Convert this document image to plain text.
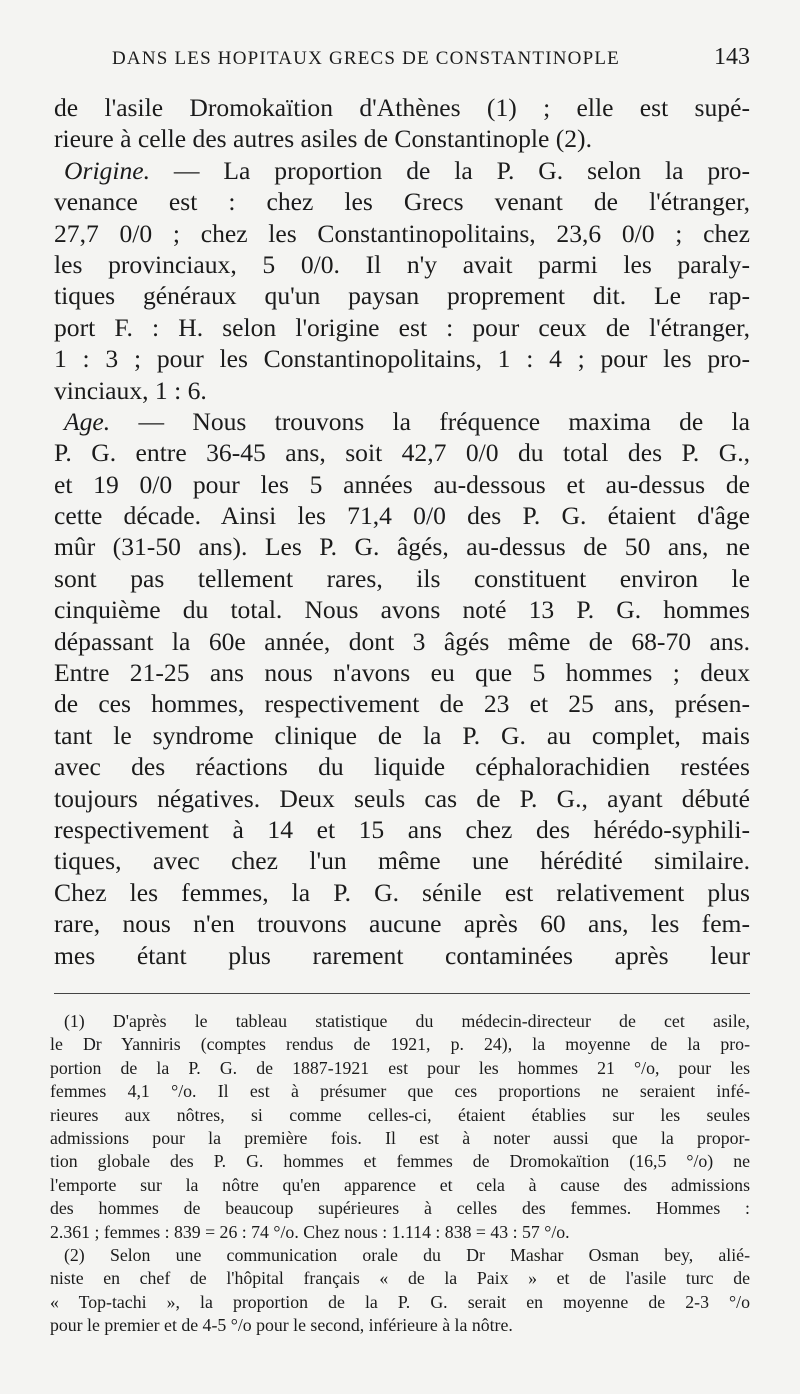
DANS LES HOPITAUX GRECS DE CONSTANTINOPLE	143
de l'asile Dromokaïtion d'Athènes (1) ; elle est supé-
rieure à celle des autres asiles de Constantinople (2).
Origine. — La proportion de la P. G. selon la pro-
venance est : chez les Grecs venant de l'étranger,
27,7 0/0 ; chez les Constantinopolitains, 23,6 0/0 ; chez
les provinciaux, 5 0/0. Il n'y avait parmi les paraly-
tiques généraux qu'un paysan proprement dit. Le rap-
port F. : H. selon l'origine est : pour ceux de l'étranger,
1 : 3 ; pour les Constantinopolitains, 1 : 4 ; pour les pro-
vinciaux, 1 : 6.
Age. — Nous trouvons la fréquence maxima de la
P. G. entre 36-45 ans, soit 42,7 0/0 du total des P. G.,
et 19 0/0 pour les 5 années au-dessous et au-dessus de
cette décade. Ainsi les 71,4 0/0 des P. G. étaient d'âge
mûr (31-50 ans). Les P. G. âgés, au-dessus de 50 ans, ne
sont pas tellement rares, ils constituent environ le
cinquième du total. Nous avons noté 13 P. G. hommes
dépassant la 60e année, dont 3 âgés même de 68-70 ans.
Entre 21-25 ans nous n'avons eu que 5 hommes ; deux
de ces hommes, respectivement de 23 et 25 ans, présen-
tant le syndrome clinique de la P. G. au complet, mais
avec des réactions du liquide céphalorachidien restées
toujours négatives. Deux seuls cas de P. G., ayant débuté
respectivement à 14 et 15 ans chez des hérédo-syphili-
tiques, avec chez l'un même une hérédité similaire.
Chez les femmes, la P. G. sénile est relativement plus
rare, nous n'en trouvons aucune après 60 ans, les fem-
mes étant plus rarement contaminées après leur
(1) D'après le tableau statistique du médecin-directeur de cet asile,
le Dr Yanniris (comptes rendus de 1921, p. 24), la moyenne de la pro-
portion de la P. G. de 1887-1921 est pour les hommes 21 °/o, pour les
femmes 4,1 °/o. Il est à présumer que ces proportions ne seraient infé-
rieures aux nôtres, si comme celles-ci, étaient établies sur les seules
admissions pour la première fois. Il est à noter aussi que la propor-
tion globale des P. G. hommes et femmes de Dromokaïtion (16,5 °/o) ne
l'emporte sur la nôtre qu'en apparence et cela à cause des admissions
des hommes de beaucoup supérieures à celles des femmes. Hommes :
2.361 ; femmes : 839 = 26 : 74 °/o. Chez nous : 1.114 : 838 = 43 : 57 °/o.
(2) Selon une communication orale du Dr Mashar Osman bey, alié-
niste en chef de l'hôpital français « de la Paix » et de l'asile turc de
« Top-tachi », la proportion de la P. G. serait en moyenne de 2-3 °/o
pour le premier et de 4-5 °/o pour le second, inférieure à la nôtre.
